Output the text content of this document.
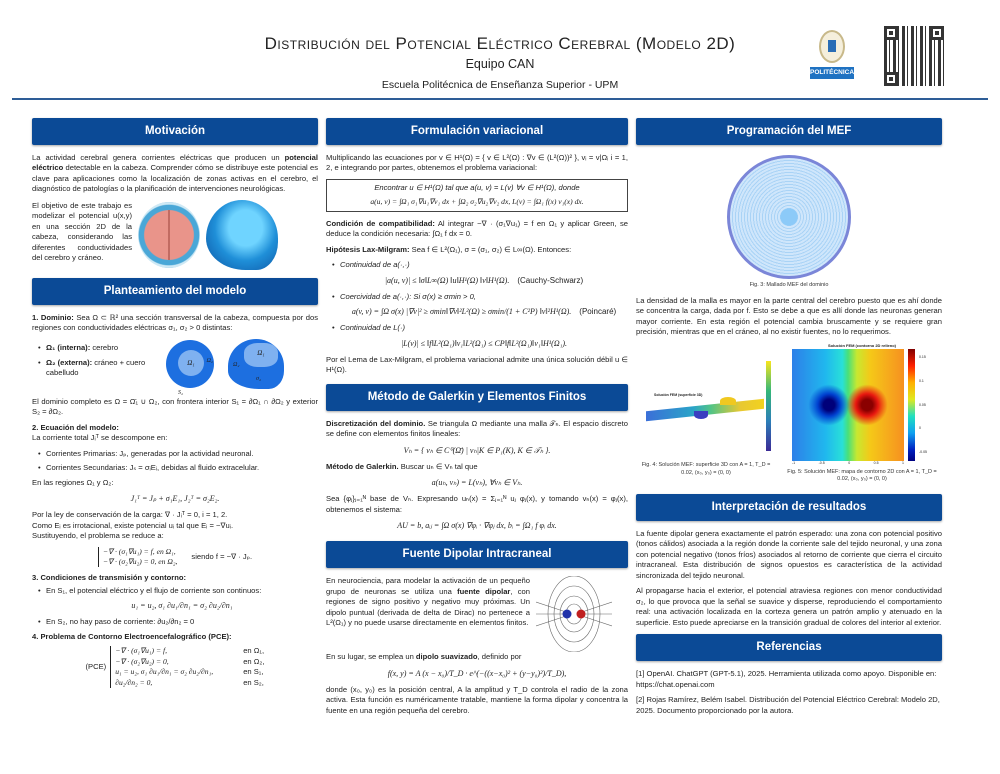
Distribución del Potencial Eléctrico Cerebral (Modelo 2D)
Equipo CAN
Escuela Politécnica de Enseñanza Superior - UPM
POLITÉCNICA
Motivación

La actividad cerebral genera corrientes eléctricas que producen un potencial eléctrico detectable en la cabeza. Comprender cómo se distribuye este potencial es clave para aplicaciones como la localización de zonas activas en el cerebro, el diagnóstico de patologías o la planificación de intervenciones neurológicas.

El objetivo de este trabajo es modelizar el potencial u(x,y) en una sección 2D de la cabeza, considerando las diferentes conductividades del cerebro y cráneo.

Planteamiento del modelo

1. Dominio: Sea Ω ⊂ ℝ² una sección transversal de la cabeza, compuesta por dos regiones con conductividades eléctricas σ₁, σ₂ > 0 distintas:

• Ω₁ (interna): cerebro
• Ω₂ (externa): cráneo + cuero cabelludo
Ω₁	Ω₂
S₂
Ω₁
Ω₂
σ₂

El dominio completo es Ω = Ω̄₁ ∪ Ω₂, con frontera interior S₁ = ∂Ω₁ ∩ ∂Ω₂ y exterior S₂ = ∂Ω₂.

2. Ecuación del modelo:

La corriente total Jᵢᵀ se descompone en:

• Corrientes Primarias: Jₚ, generadas por la actividad neuronal.
• Corrientes Secundarias: Jₛ = σᵢEᵢ, debidas al fluido extracelular.

En las regiones Ω₁ y Ω₂:

J₁ᵀ = Jₚ + σ₁E₁, J₂ᵀ = σ₂E₂.
Por la ley de conservación de la carga: ∇ · Jᵢᵀ = 0, i = 1, 2.
Como Eᵢ es irrotacional, existe potencial uᵢ tal que Eᵢ = −∇uᵢ.
Sustituyendo, el problema se reduce a:
−∇ · (σ₁∇u₁) = f, en Ω₁,
−∇ · (σ₂∇u₂) = 0, en Ω₂,
siendo f = −∇ · Jₚ.
3. Condiciones de transmisión y contorno:
• En S₁, el potencial eléctrico y el flujo de corriente son continuos:
u₁ = u₂, σ₁ ∂u₁/∂n₁ = σ₂ ∂u₂/∂n₁
• En S₂, no hay paso de corriente: ∂u₂/∂n₂ = 0
4. Problema de Contorno Electroencefalográfico (PCE):
(PCE)
−∇ · (σ₁∇u₁) = f,	en Ω₁,
−∇ · (σ₂∇u₂) = 0,	en Ω₂,
u₁ = u₂, σ₁ ∂u₁/∂n₁ = σ₂ ∂u₂/∂n₁,	en S₁,
∂u₂/∂n₂ = 0,	en S₂,
Formulación variacional

Multiplicando las ecuaciones por v ∈ H¹(Ω) = { v ∈ L²(Ω) : ∇v ∈ (L²(Ω))² }, vᵢ = v|Ωᵢ i = 1, 2, e integrando por partes, obtenemos el problema variacional:

Encontrar u ∈ H¹(Ω) tal que a(u, v) = L(v) ∀v ∈ H¹(Ω), donde
a(u, v) = ∫Ω₁ σ₁∇u₁∇v₁ dx + ∫Ω₂ σ₂∇u₂∇v₂ dx, L(v) = ∫Ω₁ f(x) v₁(x) dx.

Condición de compatibilidad: Al integrar −∇ · (σ₁∇u₁) = f en Ω₁ y aplicar Green, se deduce la condición necesaria: ∫Ω₁ f dx = 0.

Hipótesis Lax-Milgram: Sea f ∈ L²(Ω₁), σ = (σ₁, σ₂) ∈ L∞(Ω). Entonces:

• Continuidad de a(·,·)
|a(u, v)| ≤ ‖σ‖L∞(Ω) ‖u‖H¹(Ω) ‖v‖H¹(Ω). (Cauchy-Schwarz)
• Coercividad de a(·,·): Si σ(x) ≥ σmin > 0,
a(v, v) = ∫Ω σ(x) |∇v|² ≥ σmin‖∇v‖²L²(Ω) ≥ σmin/(1 + C²P) ‖v‖²H¹(Ω). (Poincaré)
• Continuidad de L(·)
|L(v)| ≤ ‖f‖L²(Ω₁)‖v₁‖L²(Ω₁) ≤ CP‖f‖L²(Ω₁)‖v₁‖H¹(Ω₁).

Por el Lema de Lax-Milgram, el problema variacional admite una única solución débil u ∈ H¹(Ω).

Método de Galerkin y Elementos Finitos

Discretización del dominio. Se triangula Ω mediante una malla 𝒯ₕ. El espacio discreto se define con elementos finitos lineales:

Vₕ = { vₕ ∈ C⁰(Ω̄) | vₕ|K ∈ P₁(K), K ∈ 𝒯ₕ }.

Método de Galerkin. Buscar uₕ ∈ Vₕ tal que

a(uₕ, vₕ) = L(vₕ), ∀vₕ ∈ Vₕ.

Sea {φⱼ}ⱼ₌₁ᴺ base de Vₕ. Expresando uₕ(x) = Σⱼ₌₁ᴺ uⱼ φⱼ(x), y tomando vₕ(x) = φⱼ(x), obtenemos el sistema:

AU = b, aᵢⱼ = ∫Ω σ(x) ∇φᵢ · ∇φⱼ dx, bᵢ = ∫Ω₁ f φᵢ dx.
Fuente Dipolar Intracraneal

En neurociencia, para modelar la activación de un pequeño grupo de neuronas se utiliza una fuente dipolar, con regiones de signo positivo y negativo muy próximas. Un dipolo puntual (derivada de delta de Dirac) no pertenece a L²(Ω₁) y no puede usarse directamente en elementos finitos.

En su lugar, se emplea un dipolo suavizado, definido por

f(x, y) = A (x − x₀)/T_D · e^(−((x−x₀)² + (y−y₀)²)/T_D),

donde (x₀, y₀) es la posición central, A la amplitud y T_D controla el radio de la zona activa. Esta función es numéricamente tratable, mantiene la forma dipolar y concentra la fuente en una región pequeña del cerebro.

Programación del MEF
Fig. 3: Mallado MEF del dominio

La densidad de la malla es mayor en la parte central del cerebro puesto que es ahí donde se concentra la carga, dada por f. Esto se debe a que es allí donde las neuronas generan mayor corriente. En esta región el potencial cambia bruscamente y se requiere gran precisión, mientras que en el cráneo, al no existir fuentes, no lo requerimos.

Solución FEM (superficie 3D)
Fig. 4: Solución MEF: superficie 3D con A = 1, T_D = 0.02, (x₀, y₀) = (0, 0)
Solución FEM (contorno 2D relleno)
0.15
0.1
0.05
0
-0.05
-1	-0.5	0	0.5	1
Fig. 5: Solución MEF: mapa de contorno 2D con A = 1, T_D = 0.02, (x₀, y₀) = (0, 0)
Interpretación de resultados

La fuente dipolar genera exactamente el patrón esperado: una zona con potencial positivo (tonos cálidos) asociada a la región donde la corriente sale del tejido neuronal, y una zona con potencial negativo (tonos fríos) asociados al retorno de corriente que cierra el circuito intracraneal. Esta distribución de signos opuestos es característica de la actividad sincronizada del tejido neuronal.

Al propagarse hacia el exterior, el potencial atraviesa regiones con menor conductividad σ₂, lo que provoca que la señal se suavice y disperse, reproduciendo el comportamiento real: una activación localizada en la corteza genera un patrón amplio y atenuado en la superficie. Esto puede apreciarse en la transición gradual de colores del interior al exterior.

Referencias

[1] OpenAI. ChatGPT (GPT-5.1), 2025. Herramienta utilizada como apoyo. Disponible en: https://chat.openai.com

[2] Rojas Ramírez, Belém Isabel. Distribución del Potencial Eléctrico Cerebral: Modelo 2D, 2025. Documento proporcionado por la autora.
